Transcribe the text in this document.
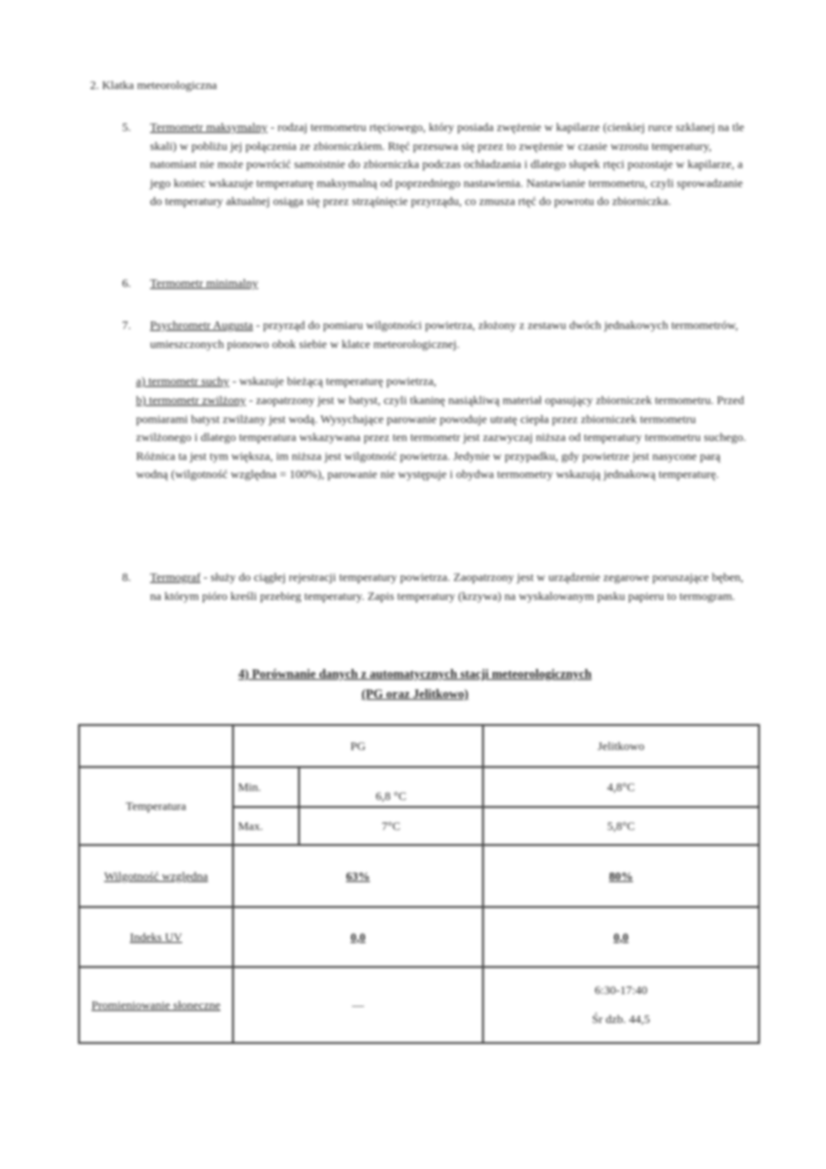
2. Klatka meteorologiczna
5. Termometr maksymalny - rodzaj termometru rtęciowego, który posiada zwężenie w kapilarze (cienkiej rurce szklanej na tle skali) w pobliżu jej połączenia ze zbiorniczkiem. Rtęć przesuwa się przez to zwężenie w czasie wzrostu temperatury, natomiast nie może powrócić samoistnie do zbiorniczka podczas ochładzania i dlatego słupek rtęci pozostaje w kapilarze, a jego koniec wskazuje temperaturę maksymalną od poprzedniego nastawienia. Nastawianie termometru, czyli sprowadzanie do temperatury aktualnej osiąga się przez strząśnięcie przyrządu, co zmusza rtęć do powrotu do zbiorniczka.
6. Termometr minimalny
7. Psychrometr Augusta - przyrząd do pomiaru wilgotności powietrza, złożony z zestawu dwóch jednakowych termometrów, umieszczonych pionowo obok siebie w klatce meteorologicznej.
a) termometr suchy - wskazuje bieżącą temperaturę powietrza,
b) termometr zwilżony - zaopatrzony jest w batyst, czyli tkaninę nasiąkliwą materiał opasujący zbiorniczek termometru. Przed pomiarami batyst zwilżany jest wodą. Wysychające parowanie powoduje utratę ciepła przez zbiorniczek termometru zwilżonego i dlatego temperatura wskazywana przez ten termometr jest zazwyczaj niższa od temperatury termometru suchego. Różnica ta jest tym większa, im niższa jest wilgotność powietrza. Jedynie w przypadku, gdy powietrze jest nasycone parą wodną (wilgotność względna = 100%), parowanie nie występuje i obydwa termometry wskazują jednakową temperaturę.
8. Termograf - służy do ciągłej rejestracji temperatury powietrza. Zaopatrzony jest w urządzenie zegarowe poruszające bęben, na którym pióro kreśli przebieg temperatury. Zapis temperatury (krzywa) na wyskalowanym pasku papieru to termogram.
4) Porównanie danych z automatycznych stacji meteorologicznych
(PG oraz Jelitkowo)
	PG		Jelitkowo
Temperatura	Min.	6,8 °C	4,8°C
	Max.	7°C	5,8°C
Wilgotność względna	63%		80%
Indeks UV	0,0		0,0
Promieniowanie słoneczne	—		6:30-17:40
Śr dzb. 44,5
